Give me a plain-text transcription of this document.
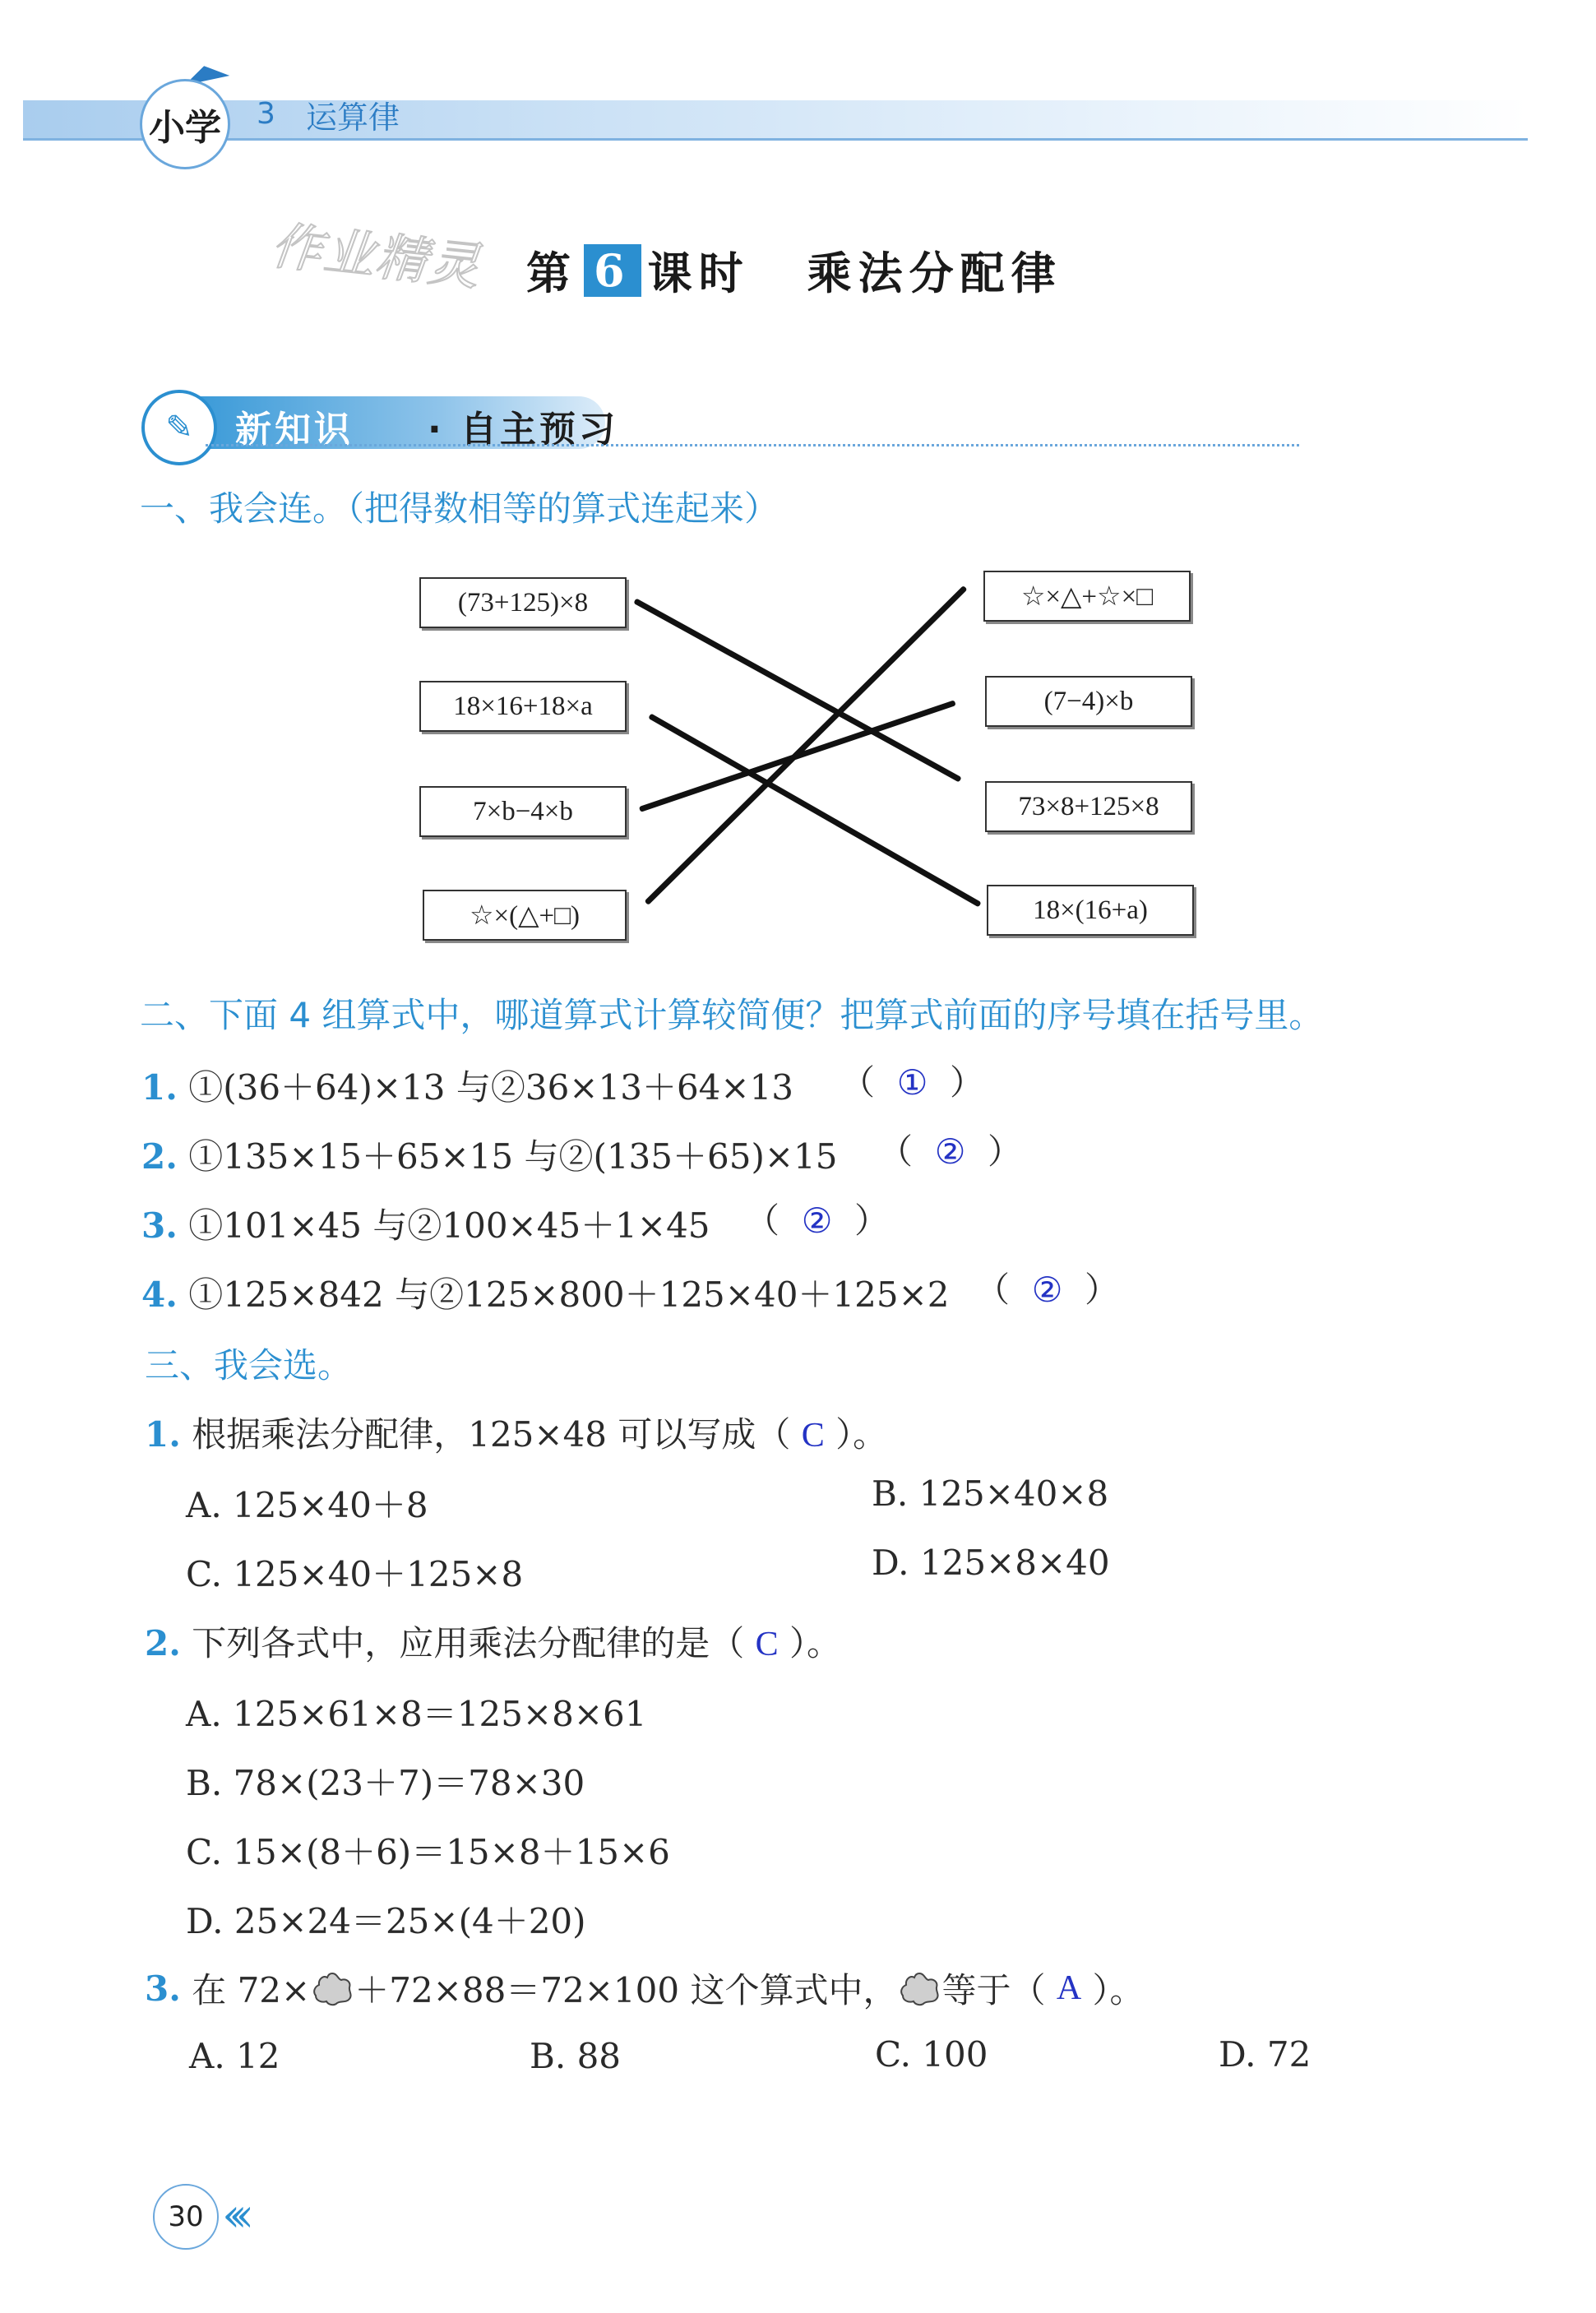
小学	3 运算律
作业精灵 第 6 课时 乘法分配律
✎	新知识 · 自主预习
一、我会连。（把得数相等的算式连起来）
(73+125)×8
18×16+18×a
7×b−4×b
☆×(△+□)
☆×△+☆×□
(7−4)×b
73×8+125×8
18×(16+a)
二、下面 4 组算式中，哪道算式计算较简便？把算式前面的序号填在括号里。
1. ①(36＋64)×13 与②36×13＋64×13 （  ①  ）
2. ①135×15＋65×15 与②(135＋65)×15 （  ②  ）
3. ①101×45 与②100×45＋1×45 （  ②  ）
4. ①125×842 与②125×800＋125×40＋125×2 （  ②  ）
三、我会选。
1. 根据乘法分配律，125×48 可以写成（ C ）。
A. 125×40＋8	B. 125×40×8
C. 125×40＋125×8	D. 125×8×40
2. 下列各式中，应用乘法分配律的是（ C ）。
A. 125×61×8＝125×8×61
B. 78×(23＋7)＝78×30
C. 15×(8＋6)＝15×8＋15×6
D. 25×24＝25×(4＋20)
3.
在 72× ＋72×88＝72×100 这个算式中， 等于（
A
）。
A. 12	B. 88	C. 100	D. 72
30 ‹‹‹
